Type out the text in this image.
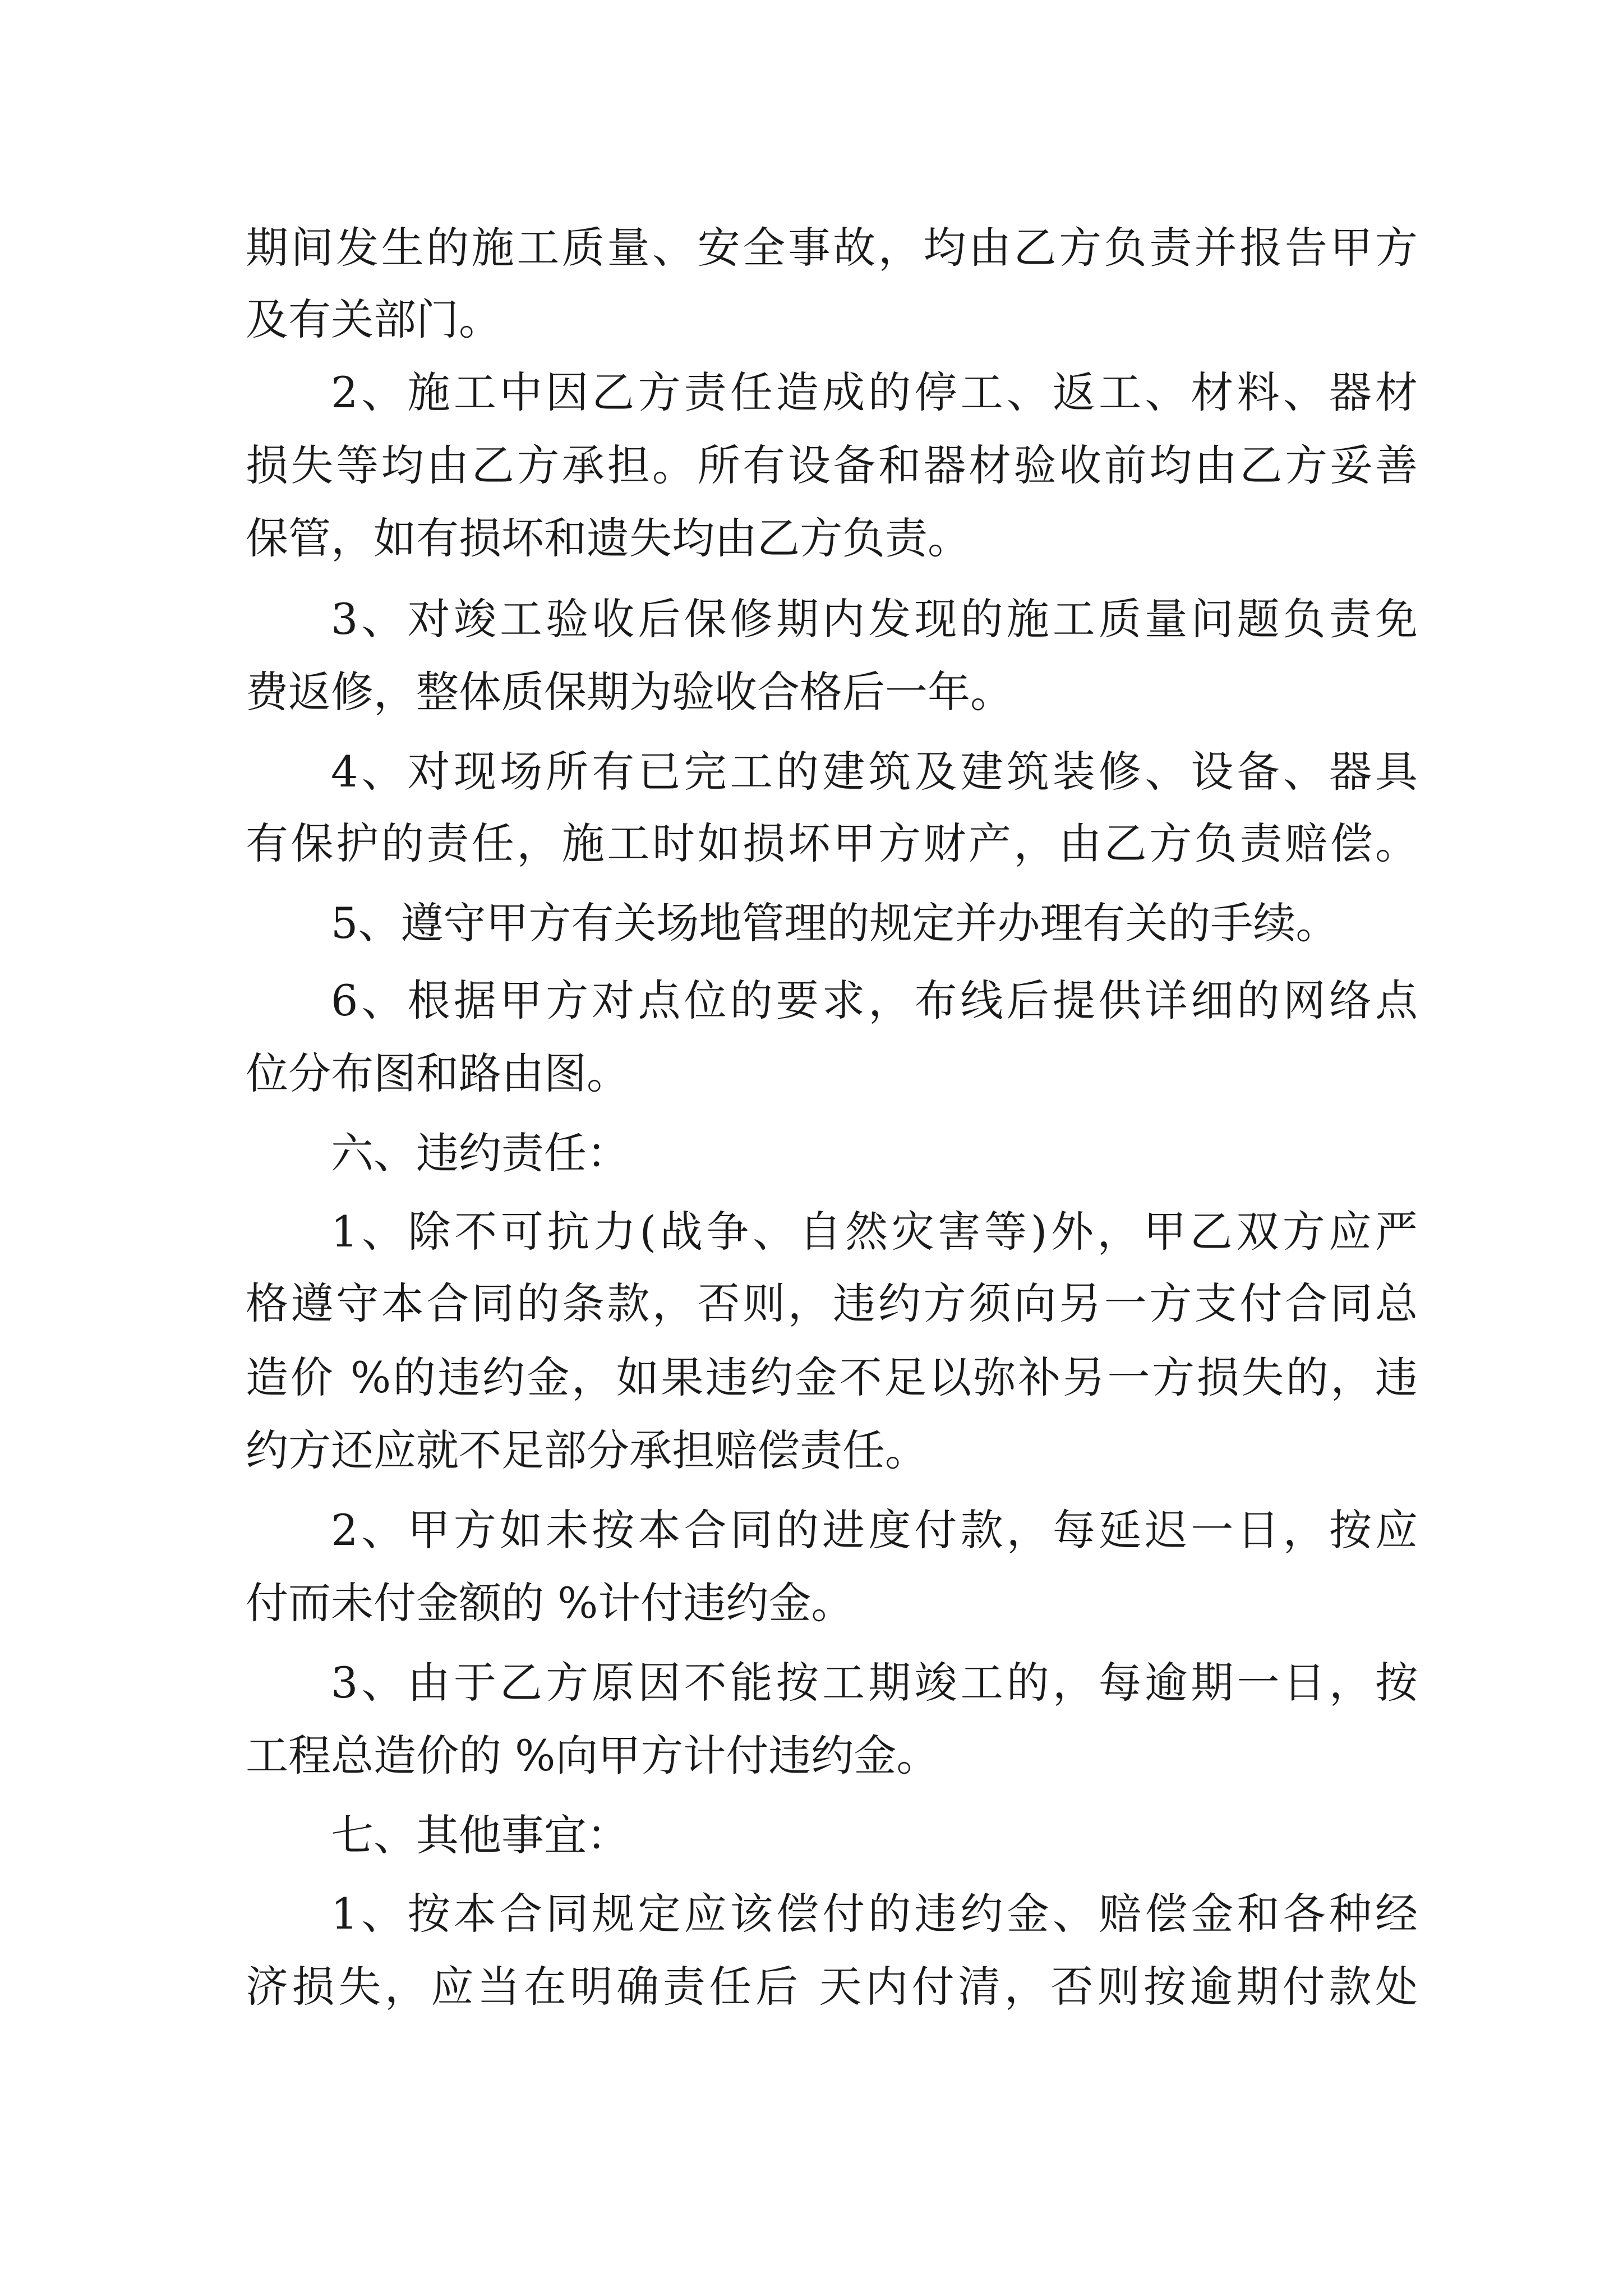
期间发生的施工质量、安全事故，均由乙方负责并报告甲方
及有关部门。
2、施工中因乙方责任造成的停工、返工、材料、器材
损失等均由乙方承担。所有设备和器材验收前均由乙方妥善
保管，如有损坏和遗失均由乙方负责。
3、对竣工验收后保修期内发现的施工质量问题负责免
费返修，整体质保期为验收合格后一年。
4、对现场所有已完工的建筑及建筑装修、设备、器具
有保护的责任，施工时如损坏甲方财产，由乙方负责赔偿。
5、遵守甲方有关场地管理的规定并办理有关的手续。
6、根据甲方对点位的要求，布线后提供详细的网络点
位分布图和路由图。
六、违约责任：
1、除不可抗力(战争、自然灾害等)外，甲乙双方应严
格遵守本合同的条款，否则，违约方须向另一方支付合同总
造价 %的违约金，如果违约金不足以弥补另一方损失的，违
约方还应就不足部分承担赔偿责任。
2、甲方如未按本合同的进度付款，每延迟一日，按应
付而未付金额的 %计付违约金。
3、由于乙方原因不能按工期竣工的，每逾期一日，按
工程总造价的 %向甲方计付违约金。
七、其他事宜：
1、按本合同规定应该偿付的违约金、赔偿金和各种经
济损失，应当在明确责任后 天内付清，否则按逾期付款处
